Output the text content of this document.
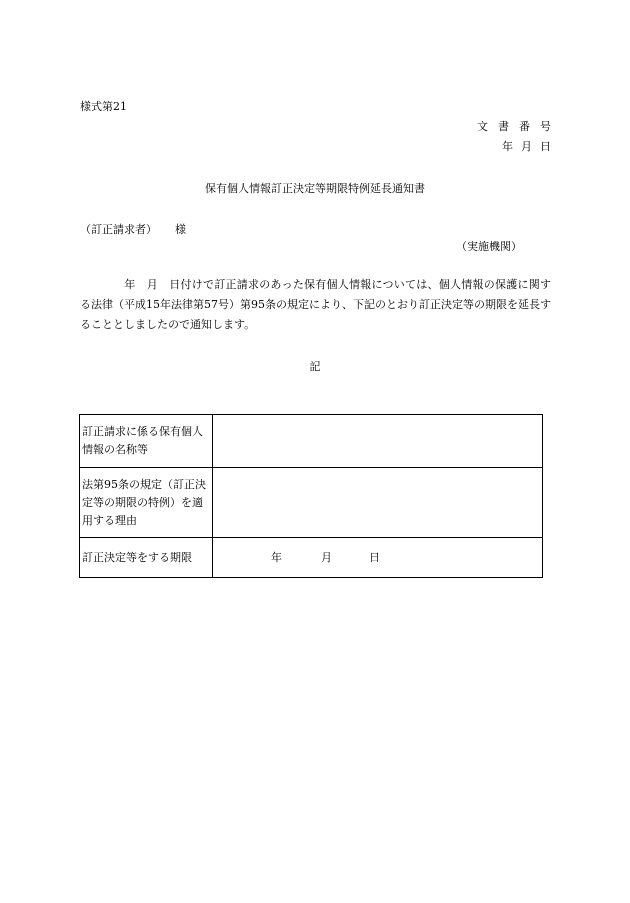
様式第21
文書番号
年月日
保有個人情報訂正決定等期限特例延長通知書
（訂正請求者） 様
（実施機関）
年　月　日付けで訂正請求のあった保有個人情報については、個人情報の保護に関する法律（平成15年法律第57号）第95条の規定により、下記のとおり訂正決定等の期限を延長することとしましたので通知します。
記
訂正請求に係る保有個人情報の名称等	
法第95条の規定（訂正決定等の期限の特例）を適用する理由	
訂正決定等をする期限	年 月 日
